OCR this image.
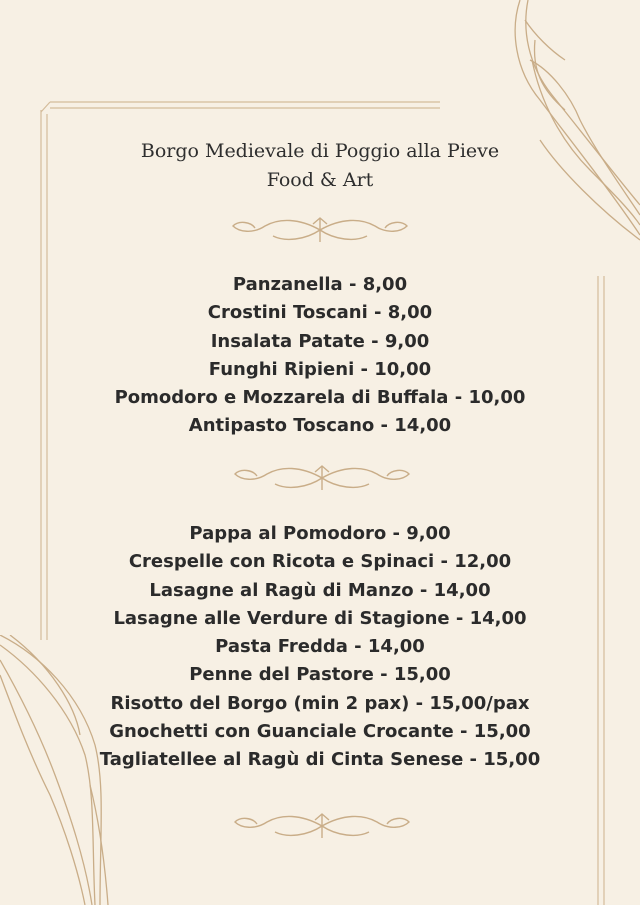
Borgo Medievale di Poggio alla Pieve
Food & Art
Panzanella - 8,00
Crostini Toscani - 8,00
Insalata Patate - 9,00
Funghi Ripieni - 10,00
Pomodoro e Mozzarela di Buffala - 10,00
Antipasto Toscano - 14,00
Pappa al Pomodoro - 9,00
Crespelle con Ricota e Spinaci - 12,00
Lasagne al Ragù di Manzo - 14,00
Lasagne alle Verdure di Stagione - 14,00
Pasta Fredda - 14,00
Penne del Pastore - 15,00
Risotto del Borgo (min 2 pax) - 15,00/pax
Gnochetti con Guanciale Crocante - 15,00
Tagliatellee al Ragù di Cinta Senese - 15,00
